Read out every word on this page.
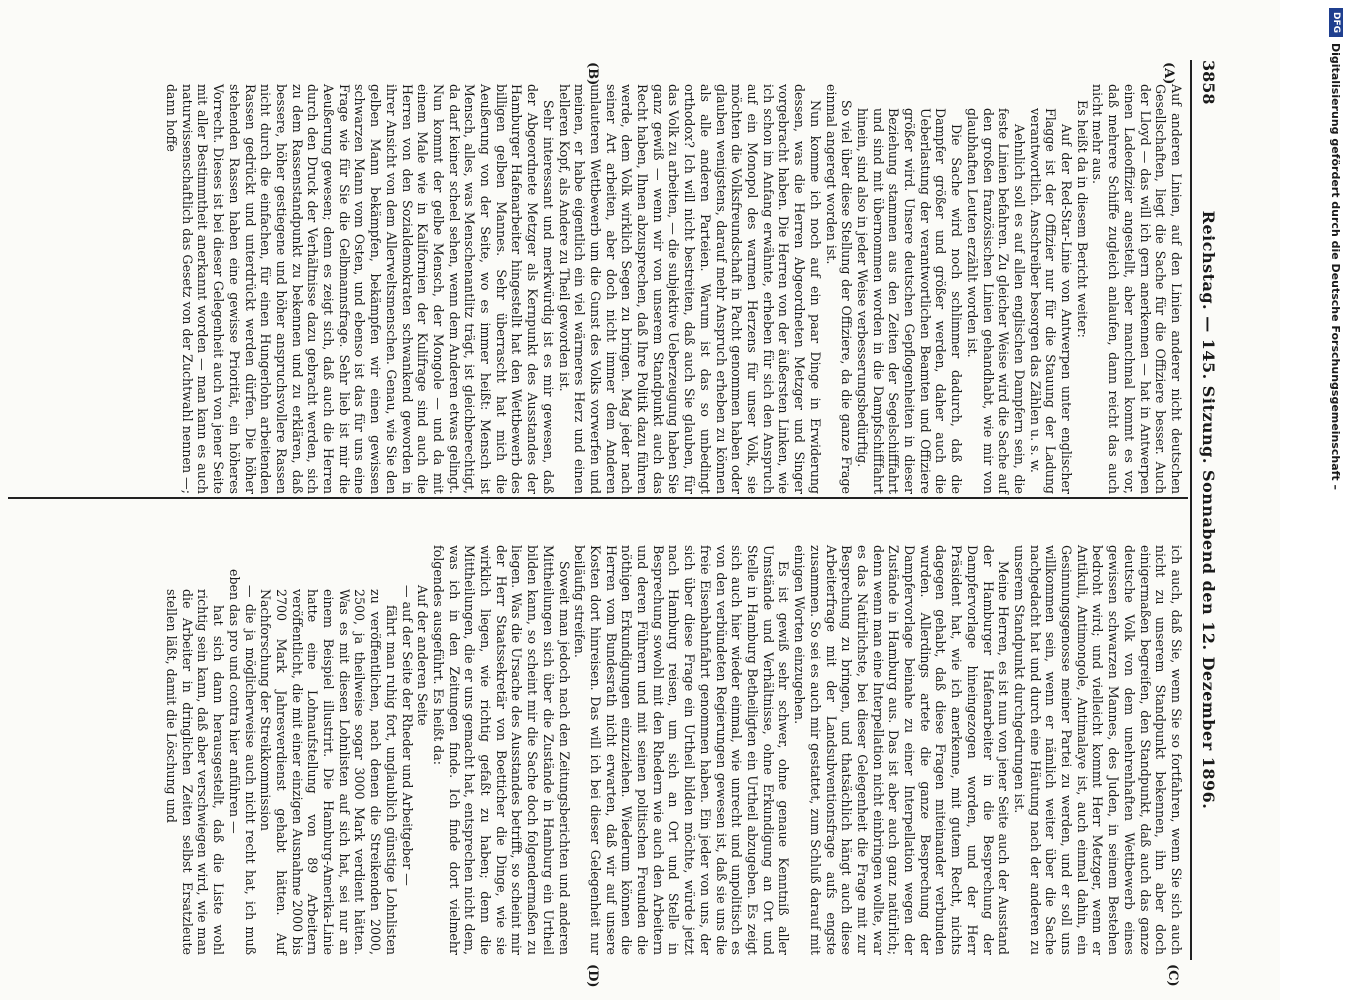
3858
Reichstag. — 145. Sitzung. Sonnabend den 12. Dezember 1896.
(A)
(B)
(C)
(D)

Auf anderen Linien, auf den Linien anderer nicht deutschen Gesellschaften, liegt die Sache für die Offiziere besser. Auch der Lloyd — das will ich gern anerkennen — hat in Antwerpen einen Ladeoffizier angestellt, aber manchmal kommt es vor, daß mehrere Schiffe zugleich anlaufen, dann reicht das auch nicht mehr aus.

Es heißt da in diesem Bericht weiter:

Auf der Red-Star-Linie von Antwerpen unter englischer Flagge ist der Offizier nur für die Stauung der Ladung verantwortlich. Anschreiber besorgen das Zählen u. s. w.

Aehnlich soll es auf allen englischen Dampfern sein, die feste Linien befahren. Zu gleicher Weise wird die Sache auf den großen französischen Linien gehandhabt, wie mir von glaubhaften Leuten erzählt worden ist.

Die Sache wird noch schlimmer dadurch, daß die Dampfer größer und größer werden, daher auch die Ueberlastung der verantwortlichen Beamten und Offiziere größer wird. Unsere deutschen Gepflogenheiten in dieser Beziehung stammen aus den Zeiten der Segelschifffahrt und sind mit übernommen worden in die Dampfschifffahrt hinein, sind also in jeder Weise verbesserungsbedürftig.

So viel über diese Stellung der Offiziere, da die ganze Frage einmal angeregt worden ist.

Nun komme ich noch auf ein paar Dinge in Erwiderung dessen, was die Herren Abgeordneten Metzger und Singer vorgebracht haben. Die Herren von der äußersten Linken, wie ich schon im Anfang erwähnte, erheben für sich den Anspruch auf ein Monopol des warmen Herzens für unser Volk, sie möchten die Volksfreundschaft in Pacht genommen haben oder glauben wenigstens, darauf mehr Anspruch erheben zu können als alle anderen Parteien. Warum ist das so unbedingt orthodox? Ich will nicht bestreiten, daß auch Sie glauben, für das Volk zu arbeiten, — die subjektive Ueberzeugung haben Sie ganz gewiß — wenn wir von unserem Standpunkt auch das Recht haben, Ihnen abzusprechen, daß Ihre Politik dazu führen werde, dem Volk wirklich Segen zu bringen. Mag jeder nach seiner Art arbeiten, aber doch nicht immer dem Anderen unlauteren Wettbewerb um die Gunst des Volks vorwerfen und meinen, er habe eigentlich ein viel wärmeres Herz und einen helleren Kopf, als Andere zu Theil geworden ist.

Sehr interessant und merkwürdig ist es mir gewesen, daß der Abgeordnete Metzger als Kernpunkt des Ausstandes der Hamburger Hafenarbeiter hingestellt hat den Wettbewerb des billigen gelben Mannes. Sehr überrascht hat mich die Aeußerung von der Seite, wo es immer heißt: Mensch ist Mensch, alles, was Menschenantlitz trägt, ist gleichberechtigt, da darf keiner scheel sehen, wenn dem Anderen etwas gelingt. Nun kommt der gelbe Mensch, der Mongole — und da mit einem Male wie in Kalifornien der Kulifrage sind auch die Herren von den Sozialdemokraten schwankend geworden in ihrer Ansicht von dem Allerweltsmenschen. Genau, wie Sie den gelben Mann bekämpfen, bekämpfen wir einen gewissen schwarzen Mann vom Osten, und ebenso ist das für uns eine Frage wie für Sie die Gelbmannsfrage. Sehr lieb ist mir die Aeußerung gewesen; denn es zeigt sich, daß auch die Herren durch den Druck der Verhältnisse dazu gebracht werden, sich zu dem Rassenstandpunkt zu bekennen und zu erklären, daß bessere, höher gestiegene und höher anspruchsvollere Rassen nicht durch die einfachen, für einen Hungerlohn arbeitenden Rassen gedrückt und unterdrückt werden dürfen. Die höher stehenden Rassen haben eine gewisse Priorität, ein höheres Vorrecht. Dieses ist bei dieser Gelegenheit auch von jener Seite mit aller Bestimmtheit anerkannt worden — man kann es auch naturwissenschaftlich das Gesetz von der Zuchtwahl nennen —; dann hoffe

ich auch, daß Sie, wenn Sie so fortfahren, wenn Sie sich auch nicht zu unserem Standpunkt bekennen, ihn aber doch einigermaßen begreifen, den Standpunkt, daß auch das ganze deutsche Volk von dem unehrenhaften Wettbewerb eines gewissen schwarzen Mannes, des Juden, in seinem Bestehen bedroht wird; und vielleicht kommt Herr Metzger, wenn er Antikuli, Antimongole, Antimalaye ist, auch einmal dahin, ein Gesinnungsgenosse meiner Partei zu werden, und er soll uns willkommen sein, wenn er nämlich weiter über die Sache nachgedacht hat und durch eine Häutung nach der anderen zu unserem Standpunkt durchgedrungen ist.

Meine Herren, es ist nun von jener Seite auch der Ausstand der Hamburger Hafenarbeiter in die Besprechung der Dampfervorlage hineingezogen worden, und der Herr Präsident hat, wie ich anerkenne, mit gutem Recht, nichts dagegen gehabt, daß diese Fragen miteinander verbunden wurden. Allerdings artete die ganze Besprechung der Dampfervorlage beinahe zu einer Interpellation wegen der Zustände in Hamburg aus. Das ist aber auch ganz natürlich; denn wenn man eine Interpellation nicht einbringen wollte, war es das Natürlichste, bei dieser Gelegenheit die Frage mit zur Besprechung zu bringen, und thatsächlich hängt auch diese Arbeiterfrage mit der Landsubventionsfrage aufs engste zusammen. So sei es auch mir gestattet, zum Schluß darauf mit einigen Worten einzugehen.

Es ist gewiß sehr schwer, ohne genaue Kenntniß aller Umstände und Verhältnisse, ohne Erkundigung an Ort und Stelle in Hamburg Betheiligten ein Urtheil abzugeben. Es zeigt sich auch hier wieder einmal, wie unrecht und unpolitisch es von den verbündeten Regierungen gewesen ist, daß sie uns die freie Eisenbahnfahrt genommen haben. Ein jeder von uns, der sich über diese Frage ein Urtheil bilden möchte, würde jetzt nach Hamburg reisen, um sich an Ort und Stelle in Besprechung sowohl mit den Rhedern wie auch den Arbeitern und deren Führern und mit seinen politischen Freunden die nöthigen Erkundigungen einzuziehen. Wiederum können die Herren vom Bundesrath nicht erwarten, daß wir auf unsere Kosten dort hinreisen. Das will ich bei dieser Gelegenheit nur beiläufig streifen.

Soweit man jedoch nach den Zeitungsberichten und anderen Mittheilungen sich über die Zustände in Hamburg ein Urtheil bilden kann, so scheint mir die Sache doch folgendermaßen zu liegen. Was die Ursache des Ausstandes betrifft, so scheint mir der Herr Staatssekretär von Boetticher die Dinge, wie sie wirklich liegen, wie richtig gefaßt zu haben; denn die Mittheilungen, die er uns gemacht hat, entsprechen nicht dem, was ich in den Zeitungen finde. Ich finde dort vielmehr folgendes ausgeführt. Es heißt da:

Auf der anderen Seite

— auf der Seite der Rheder und Arbeitgeber —

fährt man ruhig fort, unglaublich günstige Lohnlisten zu veröffentlichen, nach denen die Streikenden 2000, 2500, ja theilweise sogar 3000 Mark verdient hätten. Was es mit diesen Lohnlisten auf sich hat, sei nur an einem Beispiel illustrirt. Die Hamburg-Amerika-Linie hatte eine Lohnaufstellung von 89 Arbeitern veröffentlicht, die mit einer einzigen Ausnahme 2000 bis 2700 Mark Jahresverdienst gehabt hätten. Auf Nachforschung der Streikkommission

— die ja möglicherweise auch nicht recht hat, ich muß eben das pro und contra hier anführen —

hat sich dann herausgestellt, daß die Liste wohl richtig sein kann, daß aber verschwiegen wird, wie man die Arbeiter in dringlichen Zeiten selbst Ersatzleute stellen läßt, damit die Löschung und

DFG
Digitalisierung gefördert durch die Deutsche Forschungsgemeinschaft –
